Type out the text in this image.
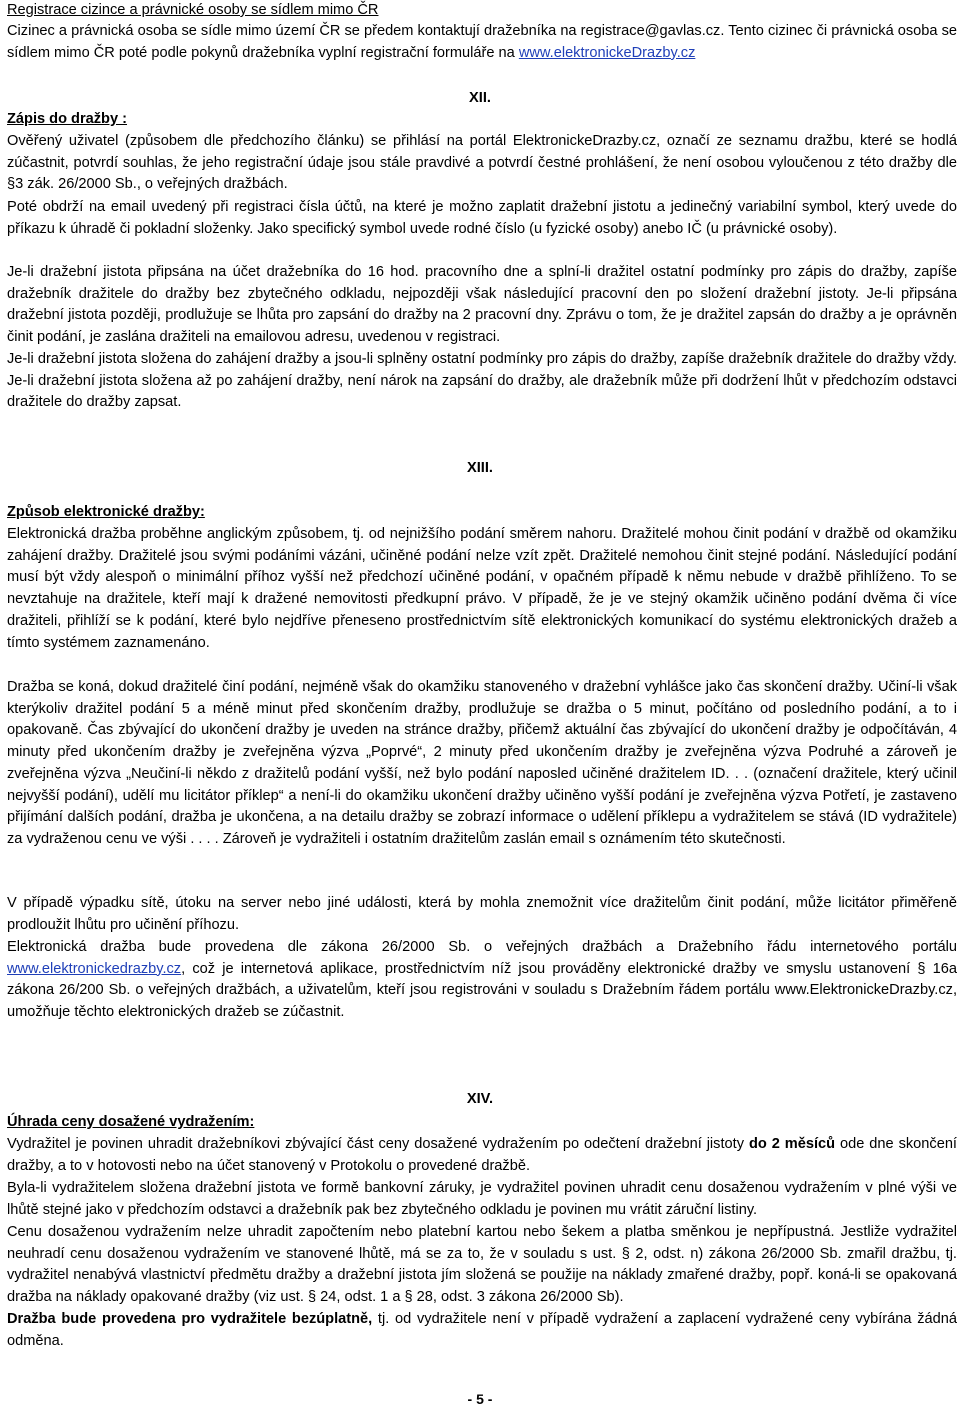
Registrace cizince a právnické osoby se sídlem mimo ČR

Cizinec a právnická osoba se sídle mimo území ČR se předem kontaktují dražebníka na registrace@gavlas.cz. Tento cizinec či právnická osoba se sídlem mimo ČR poté podle pokynů dražebníka vyplní registrační formuláře na www.elektronickeDrazby.cz

XII.

Zápis do dražby :

Ověřený uživatel (způsobem dle předchozího článku) se přihlásí na portál ElektronickeDrazby.cz, označí ze seznamu dražbu, které se hodlá zúčastnit, potvrdí souhlas, že jeho registrační údaje jsou stále pravdivé a potvrdí čestné prohlášení, že není osobou vyloučenou z této dražby dle §3 zák. 26/2000 Sb., o veřejných dražbách.

Poté obdrží na email uvedený při registraci čísla účtů, na které je možno zaplatit dražební jistotu a jedinečný variabilní symbol, který uvede do příkazu k úhradě či pokladní složenky. Jako specifický symbol uvede rodné číslo (u fyzické osoby) anebo IČ (u právnické osoby).

Je-li dražební jistota připsána na účet dražebníka do 16 hod. pracovního dne a splní-li dražitel ostatní podmínky pro zápis do dražby, zapíše dražebník dražitele do dražby bez zbytečného odkladu, nejpozději však následující pracovní den po složení dražební jistoty. Je-li připsána dražební jistota později, prodlužuje se lhůta pro zapsání do dražby na 2 pracovní dny. Zprávu o tom, že je dražitel zapsán do dražby a je oprávněn činit podání, je zaslána dražiteli na emailovou adresu, uvedenou v registraci.

Je-li dražební jistota složena do zahájení dražby a jsou-li splněny ostatní podmínky pro zápis do dražby, zapíše dražebník dražitele do dražby vždy. Je-li dražební jistota složena až po zahájení dražby, není nárok na zapsání do dražby, ale dražebník může při dodržení lhůt v předchozím odstavci dražitele do dražby zapsat.

XIII.

Způsob elektronické dražby:

Elektronická dražba proběhne anglickým způsobem, tj. od nejnižšího podání směrem nahoru. Dražitelé mohou činit podání v dražbě od okamžiku zahájení dražby. Dražitelé jsou svými podáními vázáni, učiněné podání nelze vzít zpět. Dražitelé nemohou činit stejné podání. Následující podání musí být vždy alespoň o minimální příhoz vyšší než předchozí učiněné podání, v opačném případě k němu nebude v dražbě přihlíženo. To se nevztahuje na dražitele, kteří mají k dražené nemovitosti předkupní právo. V případě, že je ve stejný okamžik učiněno podání dvěma či více dražiteli, přihlíží se k podání, které bylo nejdříve přeneseno prostřednictvím sítě elektronických komunikací do systému elektronických dražeb a tímto systémem zaznamenáno.

Dražba se koná, dokud dražitelé činí podání, nejméně však do okamžiku stanoveného v dražební vyhlášce jako čas skončení dražby. Učiní-li však kterýkoliv dražitel podání 5 a méně minut před skončením dražby, prodlužuje se dražba o 5 minut, počítáno od posledního podání, a to i opakovaně. Čas zbývající do ukončení dražby je uveden na stránce dražby, přičemž aktuální čas zbývající do ukončení dražby je odpočítáván, 4 minuty před ukončením dražby je zveřejněna výzva „Poprvé“, 2 minuty před ukončením dražby je zveřejněna výzva Podruhé a zároveň je zveřejněna výzva „Neučiní-li někdo z dražitelů podání vyšší, než bylo podání naposled učiněné dražitelem ID. . . (označení dražitele, který učinil nejvyšší podání), udělí mu licitátor příklep“ a není-li do okamžiku ukončení dražby učiněno vyšší podání je zveřejněna výzva Potřetí, je zastaveno přijímání dalších podání, dražba je ukončena, a na detailu dražby se zobrazí informace o udělení příklepu a vydražitelem se stává (ID vydražitele) za vydraženou cenu ve výši . . . . Zároveň je vydražiteli i ostatním dražitelům zaslán email s oznámením této skutečnosti.

V případě výpadku sítě, útoku na server nebo jiné události, která by mohla znemožnit více dražitelům činit podání, může licitátor přiměřeně prodloužit lhůtu pro učinění příhozu.

Elektronická dražba bude provedena dle zákona 26/2000 Sb. o veřejných dražbách a Dražebního řádu internetového portálu www.elektronickedrazby.cz, což je internetová aplikace, prostřednictvím níž jsou prováděny elektronické dražby ve smyslu ustanovení § 16a zákona 26/200 Sb. o veřejných dražbách, a uživatelům, kteří jsou registrováni v souladu s Dražebním řádem portálu www.ElektronickeDrazby.cz, umožňuje těchto elektronických dražeb se zúčastnit.

XIV.

Úhrada ceny dosažené vydražením:

Vydražitel je povinen uhradit dražebníkovi zbývající část ceny dosažené vydražením po odečtení dražební jistoty do 2 měsíců ode dne skončení dražby, a to v hotovosti nebo na účet stanovený v Protokolu o provedené dražbě.

Byla-li vydražitelem složena dražební jistota ve formě bankovní záruky, je vydražitel povinen uhradit cenu dosaženou vydražením v plné výši ve lhůtě stejné jako v předchozím odstavci a dražebník pak bez zbytečného odkladu je povinen mu vrátit záruční listiny.

Cenu dosaženou vydražením nelze uhradit započtením nebo platební kartou nebo šekem a platba směnkou je nepřípustná. Jestliže vydražitel neuhradí cenu dosaženou vydražením ve stanovené lhůtě, má se za to, že v souladu s ust. § 2, odst. n) zákona 26/2000 Sb. zmařil dražbu, tj. vydražitel nenabývá vlastnictví předmětu dražby a dražební jistota jím složená se použije na náklady zmařené dražby, popř. koná-li se opakovaná dražba na náklady opakované dražby (viz ust. § 24, odst. 1 a § 28, odst. 3 zákona 26/2000 Sb).

Dražba bude provedena pro vydražitele bezúplatně, tj. od vydražitele není v případě vydražení a zaplacení vydražené ceny vybírána žádná odměna.

- 5 -
